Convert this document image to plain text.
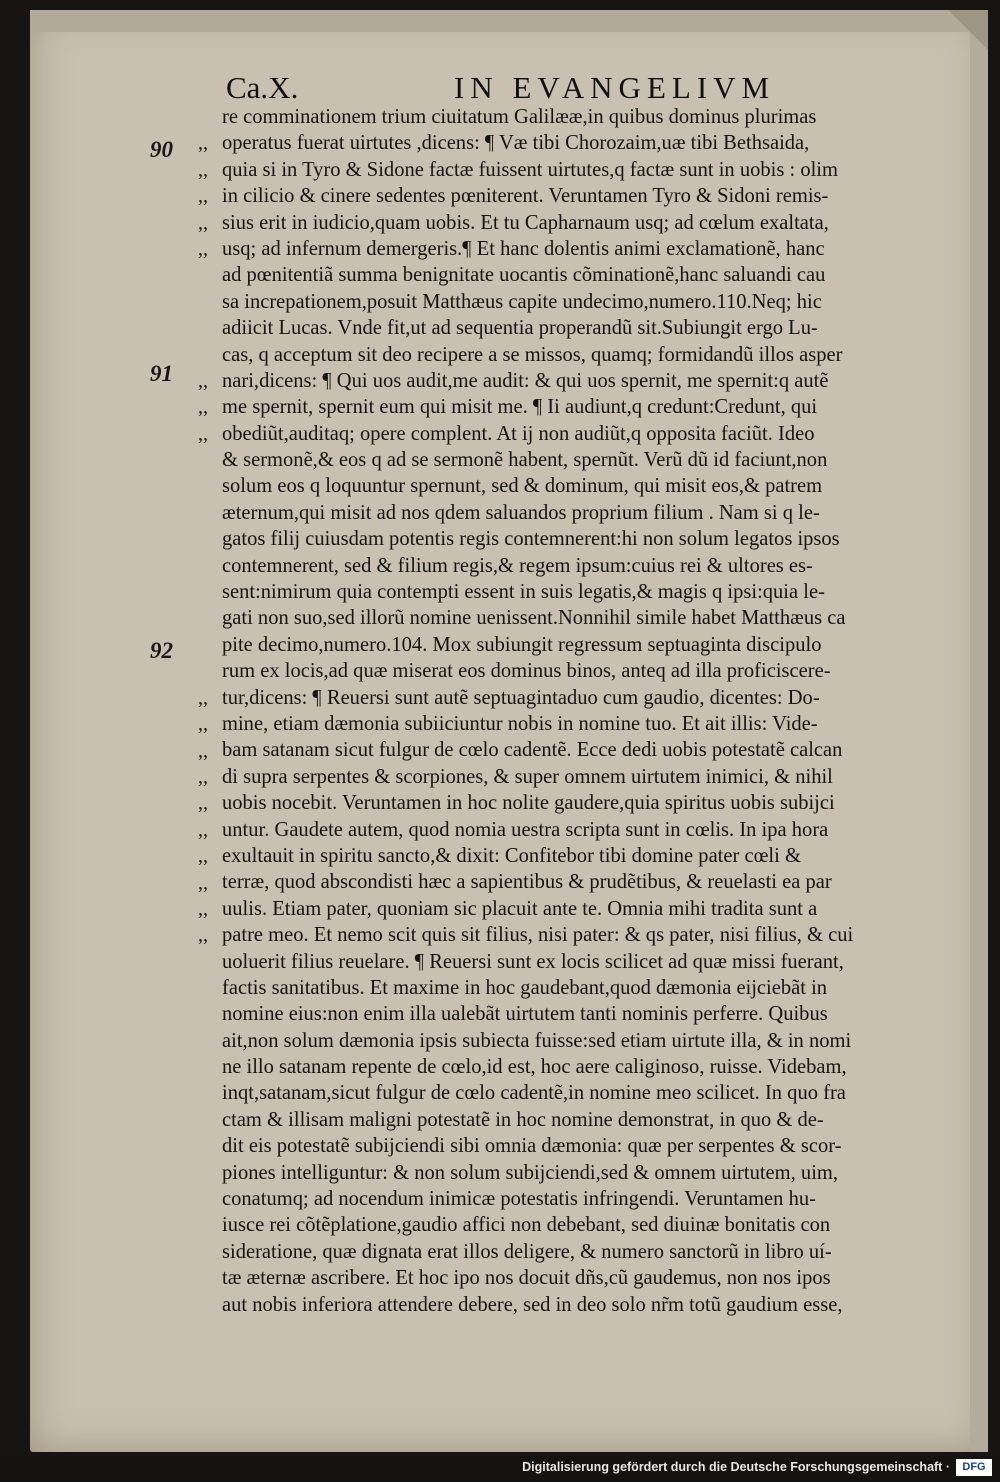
Ca.X.	IN EVANGELIVM
90
91
92
,,
,,
,,
,,
,,
,,
,,
,,
,,
,,
,,
,,
,,
,,
,,
,,
,,
,,
re comminationem trium ciuitatum Galilææ,in quibus dominus plurimas
operatus fuerat uirtutes ,dicens: ¶ Væ tibi Chorozaim,uæ tibi Bethsaida,
quia si in Tyro & Sidone factæ fuissent uirtutes,q factæ sunt in uobis : olim
in cilicio & cinere sedentes pœniterent. Veruntamen Tyro & Sidoni remis-
sius erit in iudicio,quam uobis. Et tu Capharnaum usq; ad cœlum exaltata,
usq; ad infernum demergeris.¶ Et hanc dolentis animi exclamationẽ, hanc
ad pœnitentiã summa benignitate uocantis cõminationẽ,hanc saluandi cau
sa increpationem,posuit Matthæus capite undecimo,numero.110.Neq; hic
adiicit Lucas. Vnde fit,ut ad sequentia properandũ sit.Subiungit ergo Lu-
cas, q acceptum sit deo recipere a se missos, quamq; formidandũ illos asper
nari,dicens: ¶ Qui uos audit,me audit: & qui uos spernit, me spernit:q autẽ
me spernit, spernit eum qui misit me. ¶ Ii audiunt,q credunt:Credunt, qui
obediũt,auditaq; opere complent. At ĳ non audiũt,q opposita faciũt. Ideo
& sermonẽ,& eos q ad se sermonẽ habent, spernũt. Verũ dũ id faciunt,non
solum eos q loquuntur spernunt, sed & dominum, qui misit eos,& patrem
æternum,qui misit ad nos qdem saluandos proprium filium . Nam si q le-
gatos filĳ cuiusdam potentis regis contemnerent:hi non solum legatos ipsos
contemnerent, sed & filium regis,& regem ipsum:cuius rei & ultores es-
sent:nimirum quia contempti essent in suis legatis,& magis q ipsi:quia le-
gati non suo,sed illorũ nomine uenissent.Nonnihil simile habet Matthæus ca
pite decimo,numero.104. Mox subiungit regressum septuaginta discipulo
rum ex locis,ad quæ miserat eos dominus binos, anteq ad illa proficiscere-
tur,dicens: ¶ Reuersi sunt autẽ septuagintaduo cum gaudio, dicentes: Do-
mine, etiam dæmonia subiiciuntur nobis in nomine tuo. Et ait illis: Vide-
bam satanam sicut fulgur de cœlo cadentẽ. Ecce dedi uobis potestatẽ calcan
di supra serpentes & scorpiones, & super omnem uirtutem inimici, & nihil
uobis nocebit. Veruntamen in hoc nolite gaudere,quia spiritus uobis subĳci
untur. Gaudete autem, quod nomia uestra scripta sunt in cœlis. In ipa hora
exultauit in spiritu sancto,& dixit: Confitebor tibi domine pater cœli &
terræ, quod abscondisti hæc a sapientibus & prudẽtibus, & reuelasti ea par
uulis. Etiam pater, quoniam sic placuit ante te. Omnia mihi tradita sunt a
patre meo. Et nemo scit quis sit filius, nisi pater: & qs pater, nisi filius, & cui
uoluerit filius reuelare. ¶ Reuersi sunt ex locis scilicet ad quæ missi fuerant,
factis sanitatibus. Et maxime in hoc gaudebant,quod dæmonia eĳciebãt in
nomine eius:non enim illa ualebãt uirtutem tanti nominis perferre. Quibus
ait,non solum dæmonia ipsis subiecta fuisse:sed etiam uirtute illa, & in nomi
ne illo satanam repente de cœlo,id est, hoc aere caliginoso, ruisse. Videbam,
inqt,satanam,sicut fulgur de cœlo cadentẽ,in nomine meo scilicet. In quo fra
ctam & illisam maligni potestatẽ in hoc nomine demonstrat, in quo & de-
dit eis potestatẽ subĳciendi sibi omnia dæmonia: quæ per serpentes & scor-
piones intelliguntur: & non solum subĳciendi,sed & omnem uirtutem, uim,
conatumq; ad nocendum inimicæ potestatis infringendi. Veruntamen hu-
iusce rei cõtẽplatione,gaudio affici non debebant, sed diuinæ bonitatis con
sideratione, quæ dignata erat illos deligere, & numero sanctorũ in libro uí-
tæ æternæ ascribere. Et hoc ipo nos docuit dñs,cũ gaudemus, non nos ipos
aut nobis inferiora attendere debere, sed in deo solo nr̃m totũ gaudium esse,
Digitalisierung gefördert durch die Deutsche Forschungsgemeinschaft ·	DFG
